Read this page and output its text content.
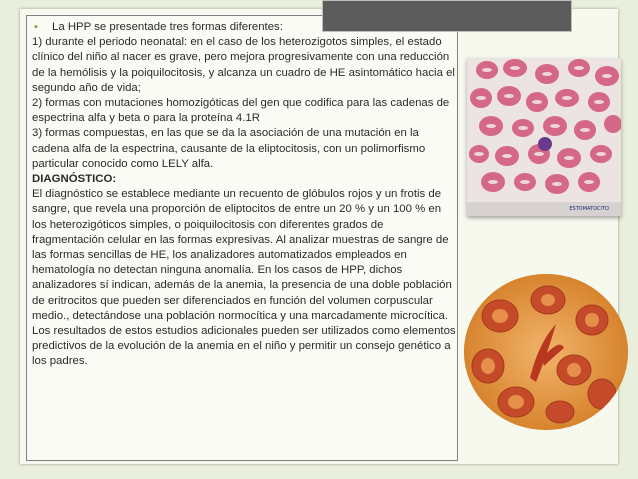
ESTOMATOCITO
▪ La HPP se presentade tres formas diferentes:

1) durante el periodo neonatal: en el caso de los heterozigotos simples, el estado clínico del niño al nacer es grave, pero mejora progresivamente con una reducción de la hemólisis y la poiquilocitosis, y alcanza un cuadro de HE asintomático hacia el segundo año de vida;

2) formas con mutaciones homozigóticas del gen que codifica para las cadenas de espectrina alfa y beta o para la proteína 4.1R

3) formas compuestas, en las que se da la asociación de una mutación en la cadena alfa de la espectrina, causante de la eliptocitosis, con un polimorfismo particular conocido como LELY alfa.

DIAGNÓSTICO:

El diagnóstico se establece mediante un recuento de glóbulos rojos y un frotis de sangre, que revela una proporción de eliptocitos de entre un 20 % y un 100 % en los heterozigóticos simples, o poiquilocitosis con diferentes grados de fragmentación celular en las formas expresivas. Al analizar muestras de sangre de las formas sencillas de HE, los analizadores automatizados empleados en hematología no detectan ninguna anomalía. En los casos de HPP, dichos analizadores sí indican, además de la anemia, la presencia de una doble población de eritrocitos que pueden ser diferenciados en función del volumen corpuscular medio., detectándose una población normocítica y una marcadamente microcítica. Los resultados de estos estudios adicionales pueden ser utilizados como elementos predictivos de la evolución de la anemia en el niño y permitir un consejo genético a los padres.
